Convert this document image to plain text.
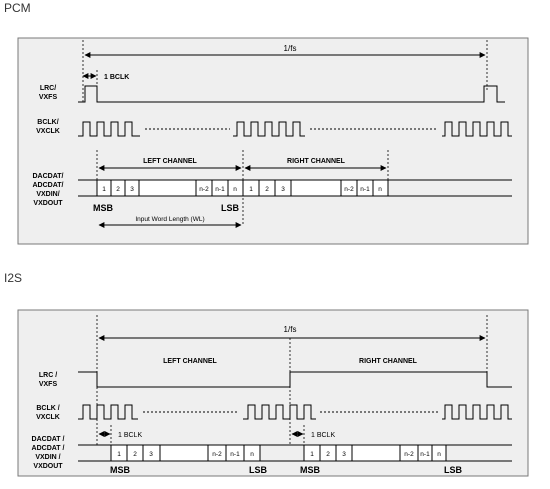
PCM
I2S
1/fs
1 BCLK
LRC/
VXFS
BCLK/
VXCLK
DACDAT/
ADCDAT/
VXDIN/
VXDOUT
LEFT CHANNEL	RIGHT CHANNEL
1 2 3	n-2 n-1 n 1 2 3	n-2 n-1 n
MSB	LSB
Input Word Length (WL)
1/fs
LEFT CHANNEL	RIGHT CHANNEL
LRC /
VXFS
BCLK /
VXCLK
DACDAT /
ADCDAT /
VXDIN /
VXDOUT
1 BCLK	1 BCLK
1 2 3	n-2 n-1 n	1 2 3	n-2 n-1 n
MSB	LSB	MSB	LSB
